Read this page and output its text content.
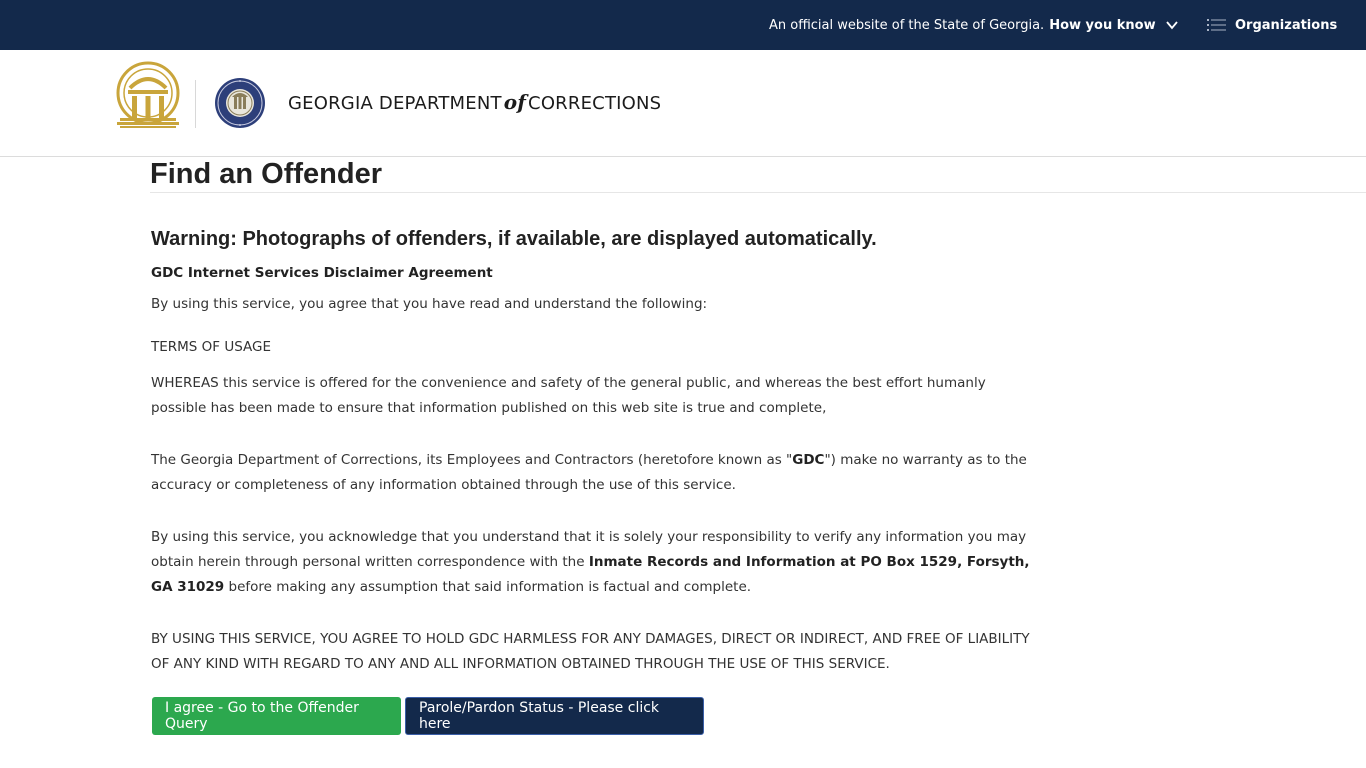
An official website of the State of Georgia. How you know	Organizations
GEORGIA DEPARTMENT of CORRECTIONS
Find an Offender
Warning: Photographs of offenders, if available, are displayed automatically.

GDC Internet Services Disclaimer Agreement

By using this service, you agree that you have read and understand the following:

TERMS OF USAGE

WHEREAS this service is offered for the convenience and safety of the general public, and whereas the best effort humanly possible has been made to ensure that information published on this web site is true and complete,

The Georgia Department of Corrections, its Employees and Contractors (heretofore known as "GDC") make no warranty as to the accuracy or completeness of any information obtained through the use of this service.

By using this service, you acknowledge that you understand that it is solely your responsibility to verify any information you may obtain herein through personal written correspondence with the Inmate Records and Information at PO Box 1529, Forsyth, GA 31029 before making any assumption that said information is factual and complete.

BY USING THIS SERVICE, YOU AGREE TO HOLD GDC HARMLESS FOR ANY DAMAGES, DIRECT OR INDIRECT, AND FREE OF LIABILITY OF ANY KIND WITH REGARD TO ANY AND ALL INFORMATION OBTAINED THROUGH THE USE OF THIS SERVICE.

I agree - Go to the Offender Query
Parole/Pardon Status - Please click here
